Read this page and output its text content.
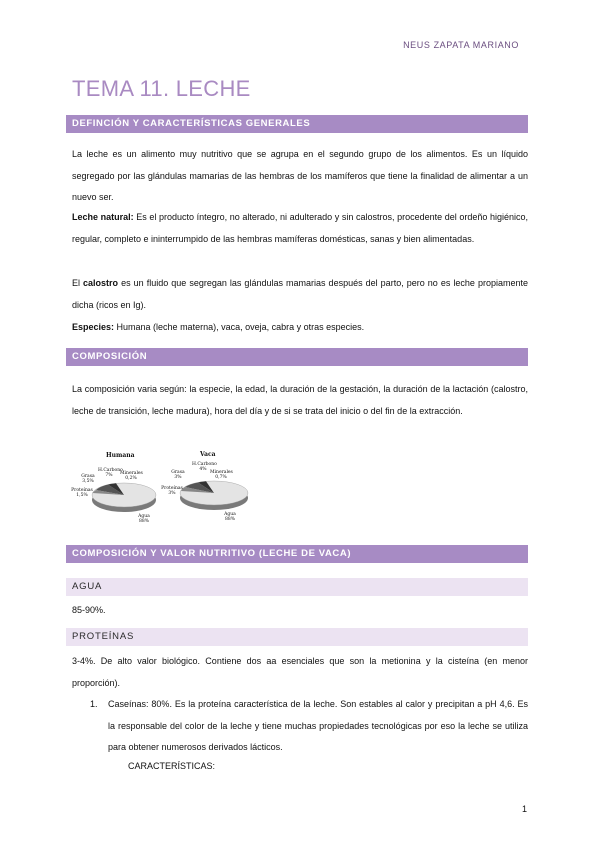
NEUS ZAPATA MARIANO
TEMA 11. LECHE
DEFINCIÓN Y CARACTERÍSTICAS GENERALES

La leche es un alimento muy nutritivo que se agrupa en el segundo grupo de los alimentos. Es un líquido segregado por las glándulas mamarias de las hembras de los mamíferos que tiene la finalidad de alimentar a un nuevo ser.

Leche natural: Es el producto íntegro, no alterado, ni adulterado y sin calostros, procedente del ordeño higiénico, regular, completo e ininterrumpido de las hembras mamíferas domésticas, sanas y bien alimentadas.

El calostro es un fluido que segregan las glándulas mamarias después del parto, pero no es leche propiamente dicha (ricos en Ig).

Especies: Humana (leche materna), vaca, oveja, cabra y otras especies.

COMPOSICIÓN

La composición varia según: la especie, la edad, la duración de la gestación, la duración de la lactación (calostro, leche de transición, leche madura), hora del día y de si se trata del inicio o del fin de la extracción.

Humana	Vaca
H.Carbono 7%	Minerales 0,2%
Grasa 3,5%
Proteínas 1,5%
Agua 88%
H.Carbono 4%
Grasa 3%
Minerales 0,7%
Proteínas 3%
Agua 88%
COMPOSICIÓN Y VALOR NUTRITIVO (LECHE DE VACA)
AGUA

85-90%.

PROTEÍNAS

3-4%. De alto valor biológico. Contiene dos aa esenciales que son la metionina y la cisteína (en menor proporción).

1. Caseínas: 80%. Es la proteína característica de la leche. Son estables al calor y precipitan a pH 4,6. Es la responsable del color de la leche y tiene muchas propiedades tecnológicas por eso la leche se utiliza para obtener numerosos derivados lácticos.
CARACTERÍSTICAS:
1
